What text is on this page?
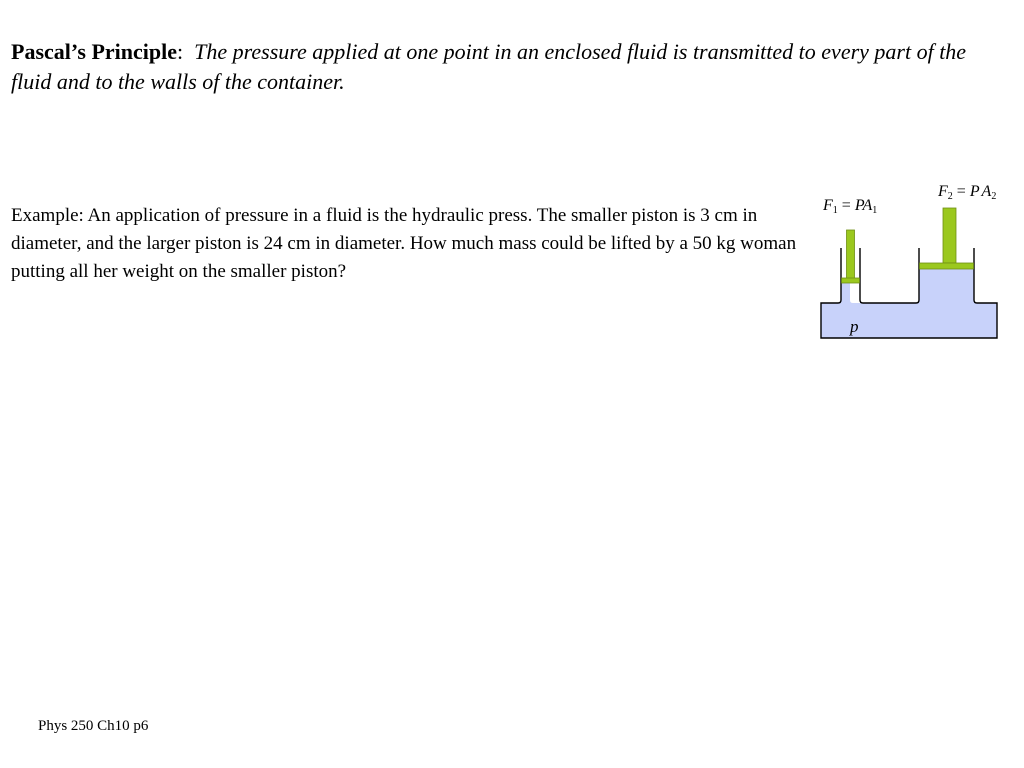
Pascal’s Principle: The pressure applied at one point in an enclosed fluid is transmitted to every part of the fluid and to the walls of the container.

Example: An application of pressure in a fluid is the hydraulic press. The smaller piston is 3 cm in diameter, and the larger piston is 24 cm in diameter. How much mass could be lifted by a 50 kg woman putting all her weight on the smaller piston?

F1 = PA1
F2 = P A2
p
Phys 250 Ch10 p6
